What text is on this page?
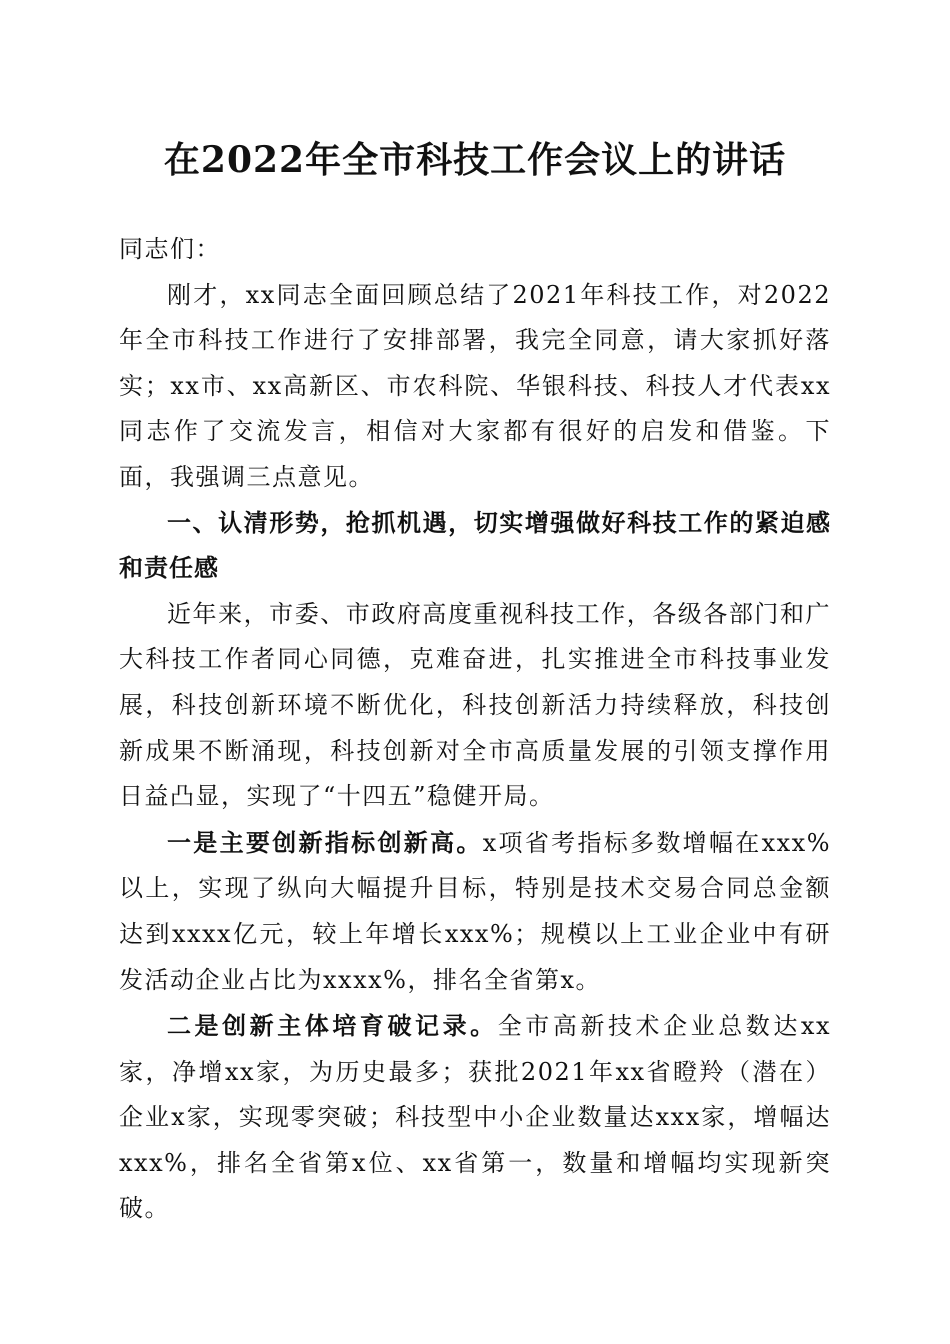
在2022年全市科技工作会议上的讲话

同志们：

刚才，xx同志全面回顾总结了2021年科技工作，对2022年全市科技工作进行了安排部署，我完全同意，请大家抓好落实；xx市、xx高新区、市农科院、华银科技、科技人才代表xx同志作了交流发言，相信对大家都有很好的启发和借鉴。下面，我强调三点意见。

一、认清形势，抢抓机遇，切实增强做好科技工作的紧迫感和责任感

近年来，市委、市政府高度重视科技工作，各级各部门和广大科技工作者同心同德，克难奋进，扎实推进全市科技事业发展，科技创新环境不断优化，科技创新活力持续释放，科技创新成果不断涌现，科技创新对全市高质量发展的引领支撑作用日益凸显，实现了“十四五”稳健开局。

一是主要创新指标创新高。x项省考指标多数增幅在xxx%以上，实现了纵向大幅提升目标，特别是技术交易合同总金额达到xxxx亿元，较上年增长xxx%；规模以上工业企业中有研发活动企业占比为xxxx%，排名全省第x。

二是创新主体培育破记录。全市高新技术企业总数达xx家，净增xx家，为历史最多；获批2021年xx省瞪羚（潜在）企业x家，实现零突破；科技型中小企业数量达xxx家，增幅达xxx%，排名全省第x位、xx省第一，数量和增幅均实现新突破。
